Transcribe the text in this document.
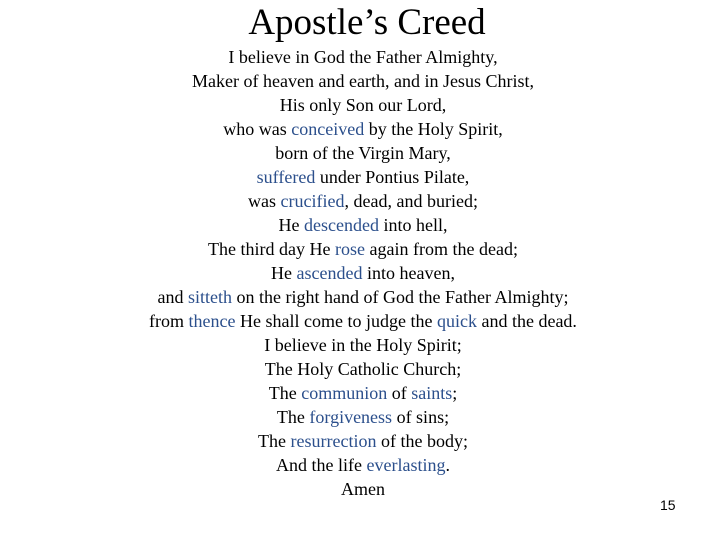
Apostle’s Creed
I believe in God the Father Almighty,
Maker of heaven and earth, and in Jesus Christ,
His only Son our Lord,
who was conceived by the Holy Spirit,
born of the Virgin Mary,
suffered under Pontius Pilate,
was crucified, dead, and buried;
He descended into hell,
The third day He rose again from the dead;
He ascended into heaven,
and sitteth on the right hand of God the Father Almighty;
from thence He shall come to judge the quick and the dead.
I believe in the Holy Spirit;
The Holy Catholic Church;
The communion of saints;
The forgiveness of sins;
The resurrection of the body;
And the life everlasting.
Amen
15
